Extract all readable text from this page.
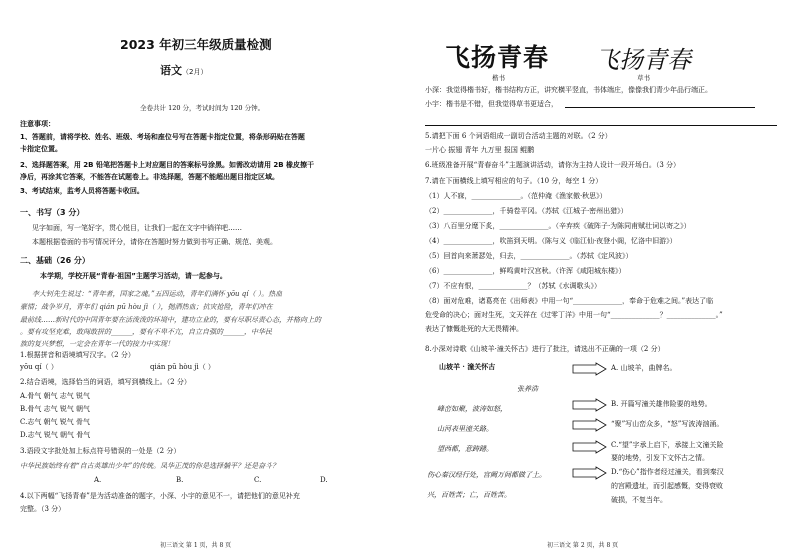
2023 年初三年级质量检测
语文（2月）
全卷共计 120 分，考试时间为 120 分钟。
注意事项：
1、答题前，请将学校、姓名、班级、考场和座位号写在答题卡指定位置，将条形码贴在答题
卡指定位置。
2、选择题答案，用 2B 铅笔把答题卡上对应题目的答案标号涂黑。如需改动请用 2B 橡皮擦干
净后，再涂其它答案，不能答在试题卷上。非选择题，答题不能超出题目指定区域。
3、考试结束，监考人员将答题卡收回。
一、书写（3 分）
见字如面，写一笔好字，贯心悦目，让我们一起在文字中徜徉吧……
本题根据卷面的书写情况评分，请你在答题时努力做到书写正确、规范、美观。
二、基础（26 分）
本学期，学校开展“青春·祖国”主题学习活动，请一起参与。
李大钊先生说过：“青年者，国家之魂。”五四运动，青年们满怀 yōu qí（ ）。热血
豪情；战争岁月，青年们 qián pū hòu jì（ ），抛洒热血；抗灾抢险，青年们冲在
最前线……新时代的中国青年要在活泼泼的环境中，建功立业的，要有尽职尽责心态，并格向上的
。要有攻坚克难，敢闯敢拼的______，要有不卑不亢，自立自强的______，中华民
族的复兴梦想，一定会在青年一代的接力中实现！
1.根据拼音和语境填写汉字。（2 分）
yōu qí（ ）	qián pū hòu jì（ ）
2.结合语境，选择恰当的词语，填写到横线上。（2 分）
A.骨气 朝气 志气 锐气
B.骨气 志气 锐气 朝气
C.志气 朝气 锐气 骨气
D.志气 锐气 朝气 骨气
3.语段文字批处加上标点符号错误的一处是（2 分）
中华民族始终有着“自古英雄出少年”的传统。凤华正茂的你是选择躺平？还是奋斗？
A.	B.	C.	D.
4.以下两幅“飞扬青春”是为活动准备的题字，小深、小宇的意见不一，请把他们的意见补充
完整。（3 分）
初三语文 第 1 页，共 8 页
飞扬青春 飞扬青春
楷书	草书
小深：我觉得楷书好，楷书结构方正，讲究横平竖直，书体端庄，像像我们青少年品行端正。
小宇：楷书是不错，但我觉得草书更适合，
5.请把下面 6 个词语组成一副切合活动主题的对联。（2 分）
一片心 振翅 青年 九万里 报国 鲲鹏
6.班级准备开展“青春奋斗”主题演讲活动，请你为主持人设计一段开场白。（3 分）
7.请在下面横线上填写相应的句子。（10 分，每空 1 分）
（1）人不寐，______________。（范仲淹《渔家傲·秋思》）
（2）______________，千骑卷平冈。（苏轼《江城子·密州出猎》）
（3）八百里分麾下炙，______________。（辛弃疾《破阵子·为陈同甫赋壮词以寄之》）
（4）______________，吹笛到天明。（陈与义《临江仙·夜登小阁，忆洛中旧游》）
（5）回首向来萧瑟处，归去，______________。（苏轼《定风波》）
（6）______________，鲜鸣黄叶汉宫秋。（许浑《咸阳城东楼》）
（7）不应有恨，______________？（苏轼《水调歌头》）
（8）面对危难，诸葛亮在《出师表》中用一句“______________，奉命于危难之间。”表达了临
危受命的决心；面对生死，文天祥在《过零丁洋》中用一句“______________？______________。”
表达了慷慨赴死的大无畏精神。
8.小深对诗歌《山坡羊·潼关怀古》进行了批注，请选出不正确的一项（2 分）
山坡羊 · 潼关怀古
张养浩
峰峦如聚，波涛如怒，
山河表里潼关路。
望西都，意踌躇。
伤心秦汉经行处，宫阙万间都做了土。
兴，百姓苦；亡，百姓苦。
A. 山坡羊，曲牌名。
B. 开篇写潼关雄伟险要的地势。
“聚”写山峦众多，“怒”写波涛汹涌。
C.“望”字承上启下，承接上文潼关险
要的地势，引发下文怀古之情。
D.“伤心”指作者经过潼关，看到秦汉
的宫殿遗址，而引起感慨，变得衰败
破损，不复当年。
初三语文 第 2 页，共 8 页
